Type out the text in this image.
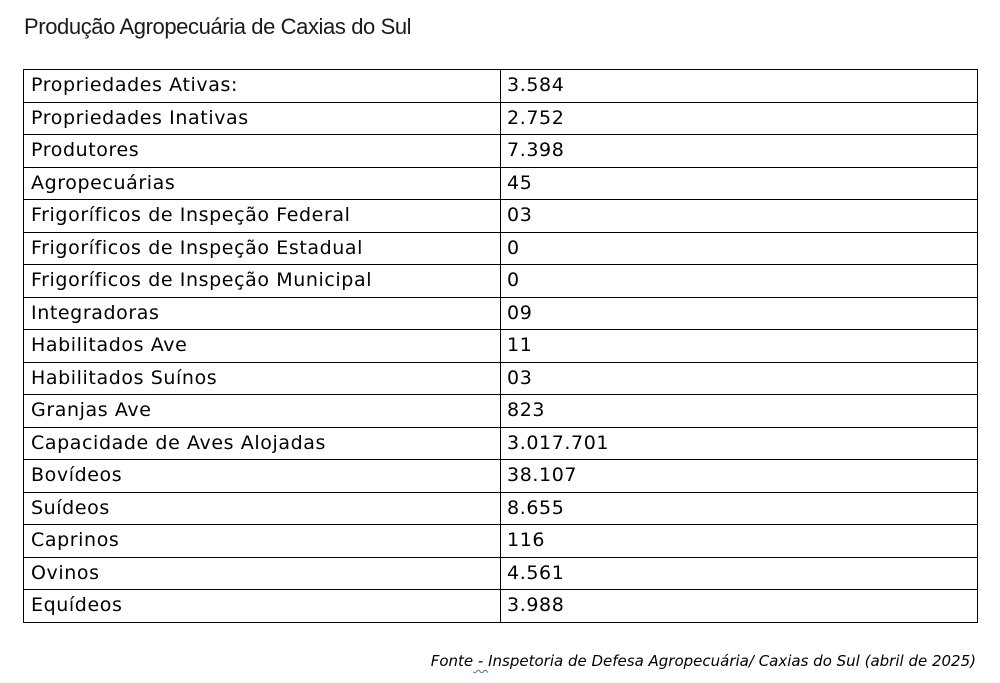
Produção Agropecuária de Caxias do Sul
Propriedades Ativas:	3.584
Propriedades Inativas	2.752
Produtores	7.398
Agropecuárias	45
Frigoríficos de Inspeção Federal	03
Frigoríficos de Inspeção Estadual	0
Frigoríficos de Inspeção Municipal	0
Integradoras	09
Habilitados Ave	11
Habilitados Suínos	03
Granjas Ave	823
Capacidade de Aves Alojadas	3.017.701
Bovídeos	38.107
Suídeos	8.655
Caprinos	116
Ovinos	4.561
Equídeos	3.988
Fonte - Inspetoria de Defesa Agropecuária/ Caxias do Sul (abril de 2025)
